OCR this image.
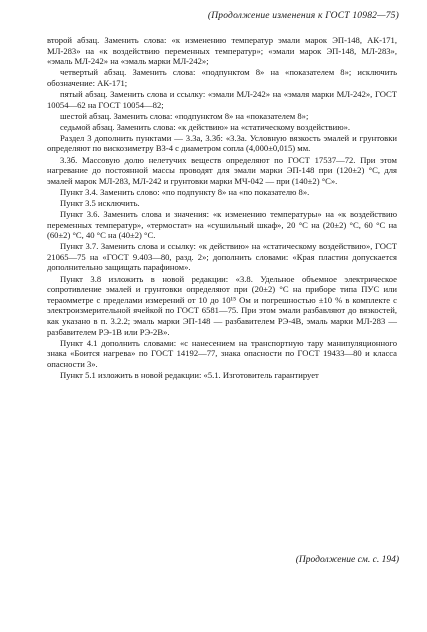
(Продолжение изменения к ГОСТ 10982—75)

второй абзац. Заменить слова: «к изменению температур эмали марок ЭП-148, АК-171, МЛ-283» на «к воздействию переменных температур»; «эмали марок ЭП-148, МЛ-283», «эмаль МЛ-242» на «эмаль марки МЛ-242»;

четвертый абзац. Заменить слова: «подпунктом 8» на «показателем 8»; исключить обозначение: АК-171;

пятый абзац. Заменить слова и ссылку: «эмали МЛ-242» на «эмаля марки МЛ-242», ГОСТ 10054—62 на ГОСТ 10054—82;

шестой абзац. Заменить слова: «подпунктом 8» на «показателем 8»;

седьмой абзац. Заменить слова: «к действию» на «статическому воздействию».

Раздел 3 дополнить пунктами — 3.3а, 3.3б: «3.3а. Условную вязкость эмалей и грунтовки определяют по вискозиметру ВЗ-4 с диаметром сопла (4,000±0,015) мм.

3.3б. Массовую долю нелетучих веществ определяют по ГОСТ 17537—72. При этом нагревание до постоянной массы проводят для эмали марки ЭП-148 при (120±2) °С, для эмалей марок МЛ-283, МЛ-242 и грунтовки марки МЧ-042 — при (140±2) °С».

Пункт 3.4. Заменить слово: «по подпункту 8» на «по показателю 8».

Пункт 3.5 исключить.

Пункт 3.6. Заменить слова и значения: «к изменению температуры» на «к воздействию переменных температур», «термостат» на «сушильный шкаф», 20 °С на (20±2) °С, 60 °С на (60±2) °С, 40 °С на (40±2) °С.

Пункт 3.7. Заменить слова и ссылку: «к действию» на «статическому воздействию», ГОСТ 21065—75 на «ГОСТ 9.403—80, разд. 2»; дополнить словами: «Края пластин допускается дополнительно защищать парафином».

Пункт 3.8 изложить в новой редакции: «3.8. Удельное объемное электрическое сопротивление эмалей и грунтовки определяют при (20±2) °С на приборе типа ПУС или тераомметре с пределами измерений от 10 до 10¹⁵ Ом и погрешностью ±10 % в комплекте с электроизмерительной ячейкой по ГОСТ 6581—75. При этом эмали разбавляют до вязкостей, как указано в п. 3.2.2; эмаль марки ЭП-148 — разбавителем РЭ-4В, эмаль марки МЛ-283 — разбавителем РЭ-1В или РЭ-2В».

Пункт 4.1 дополнить словами: «с нанесением на транспортную тару манипуляционного знака «Боится нагрева» по ГОСТ 14192—77, знака опасности по ГОСТ 19433—80 и класса опасности 3».

Пункт 5.1 изложить в новой редакции: «5.1. Изготовитель гарантирует

(Продолжение см. с. 194)
